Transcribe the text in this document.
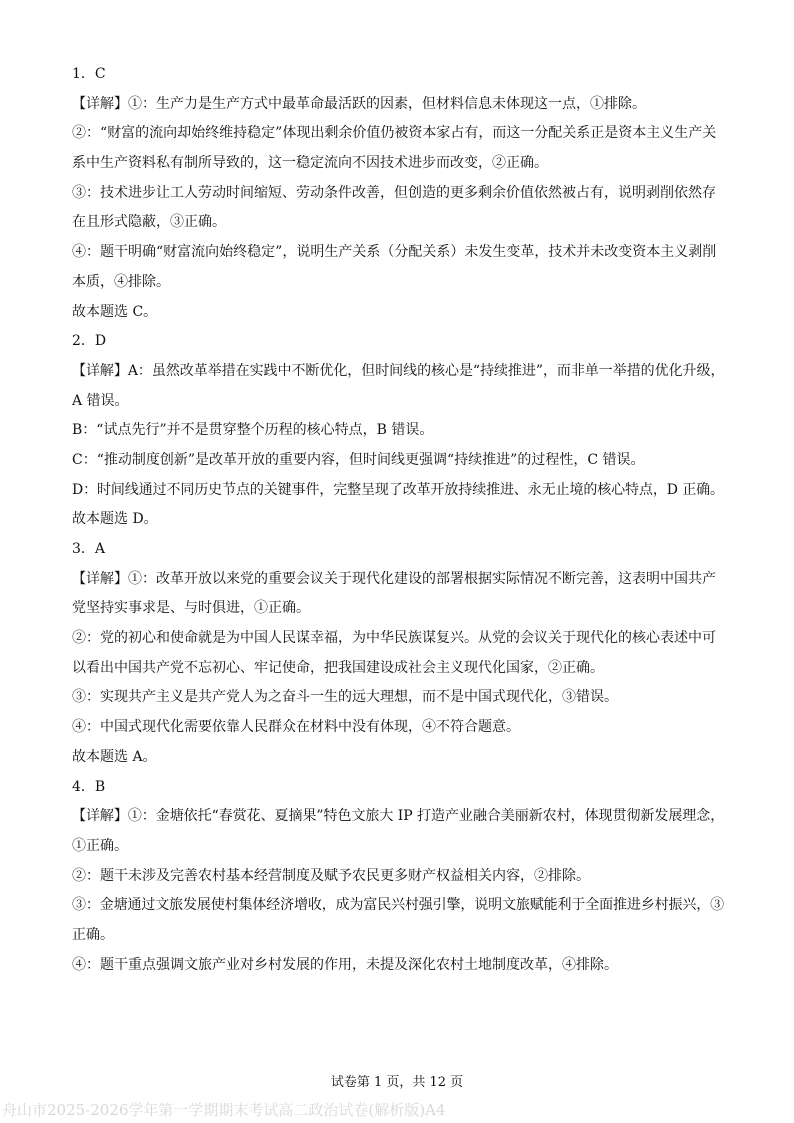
1．C
【详解】①：生产力是生产方式中最革命最活跃的因素，但材料信息未体现这一点，①排除。
②：“财富的流向却始终维持稳定”体现出剩余价值仍被资本家占有，而这一分配关系正是资本主义生产关
系中生产资料私有制所导致的，这一稳定流向不因技术进步而改变，②正确。
③：技术进步让工人劳动时间缩短、劳动条件改善，但创造的更多剩余价值依然被占有，说明剥削依然存
在且形式隐蔽，③正确。
④：题干明确“财富流向始终稳定”，说明生产关系（分配关系）未发生变革，技术并未改变资本主义剥削
本质，④排除。
故本题选 C。
2．D
【详解】A：虽然改革举措在实践中不断优化，但时间线的核心是“持续推进”，而非单一举措的优化升级，
A 错误。
B：“试点先行”并不是贯穿整个历程的核心特点，B 错误。
C：“推动制度创新”是改革开放的重要内容，但时间线更强调“持续推进”的过程性，C 错误。
D：时间线通过不同历史节点的关键事件，完整呈现了改革开放持续推进、永无止境的核心特点，D 正确。
故本题选 D。
3．A
【详解】①：改革开放以来党的重要会议关于现代化建设的部署根据实际情况不断完善，这表明中国共产
党坚持实事求是、与时俱进，①正确。
②：党的初心和使命就是为中国人民谋幸福，为中华民族谋复兴。从党的会议关于现代化的核心表述中可
以看出中国共产党不忘初心、牢记使命，把我国建设成社会主义现代化国家，②正确。
③：实现共产主义是共产党人为之奋斗一生的远大理想，而不是中国式现代化，③错误。
④：中国式现代化需要依靠人民群众在材料中没有体现，④不符合题意。
故本题选 A。
4．B
【详解】①：金塘依托“春赏花、夏摘果”特色文旅大 IP 打造产业融合美丽新农村，体现贯彻新发展理念，
①正确。
②：题干未涉及完善农村基本经营制度及赋予农民更多财产权益相关内容，②排除。
③：金塘通过文旅发展使村集体经济增收，成为富民兴村强引擎，说明文旅赋能利于全面推进乡村振兴，③
正确。
④：题干重点强调文旅产业对乡村发展的作用，未提及深化农村土地制度改革，④排除。
试卷第 1 页，共 12 页
舟山市2025-2026学年第一学期期末考试高二政治试卷(解析版)A4
